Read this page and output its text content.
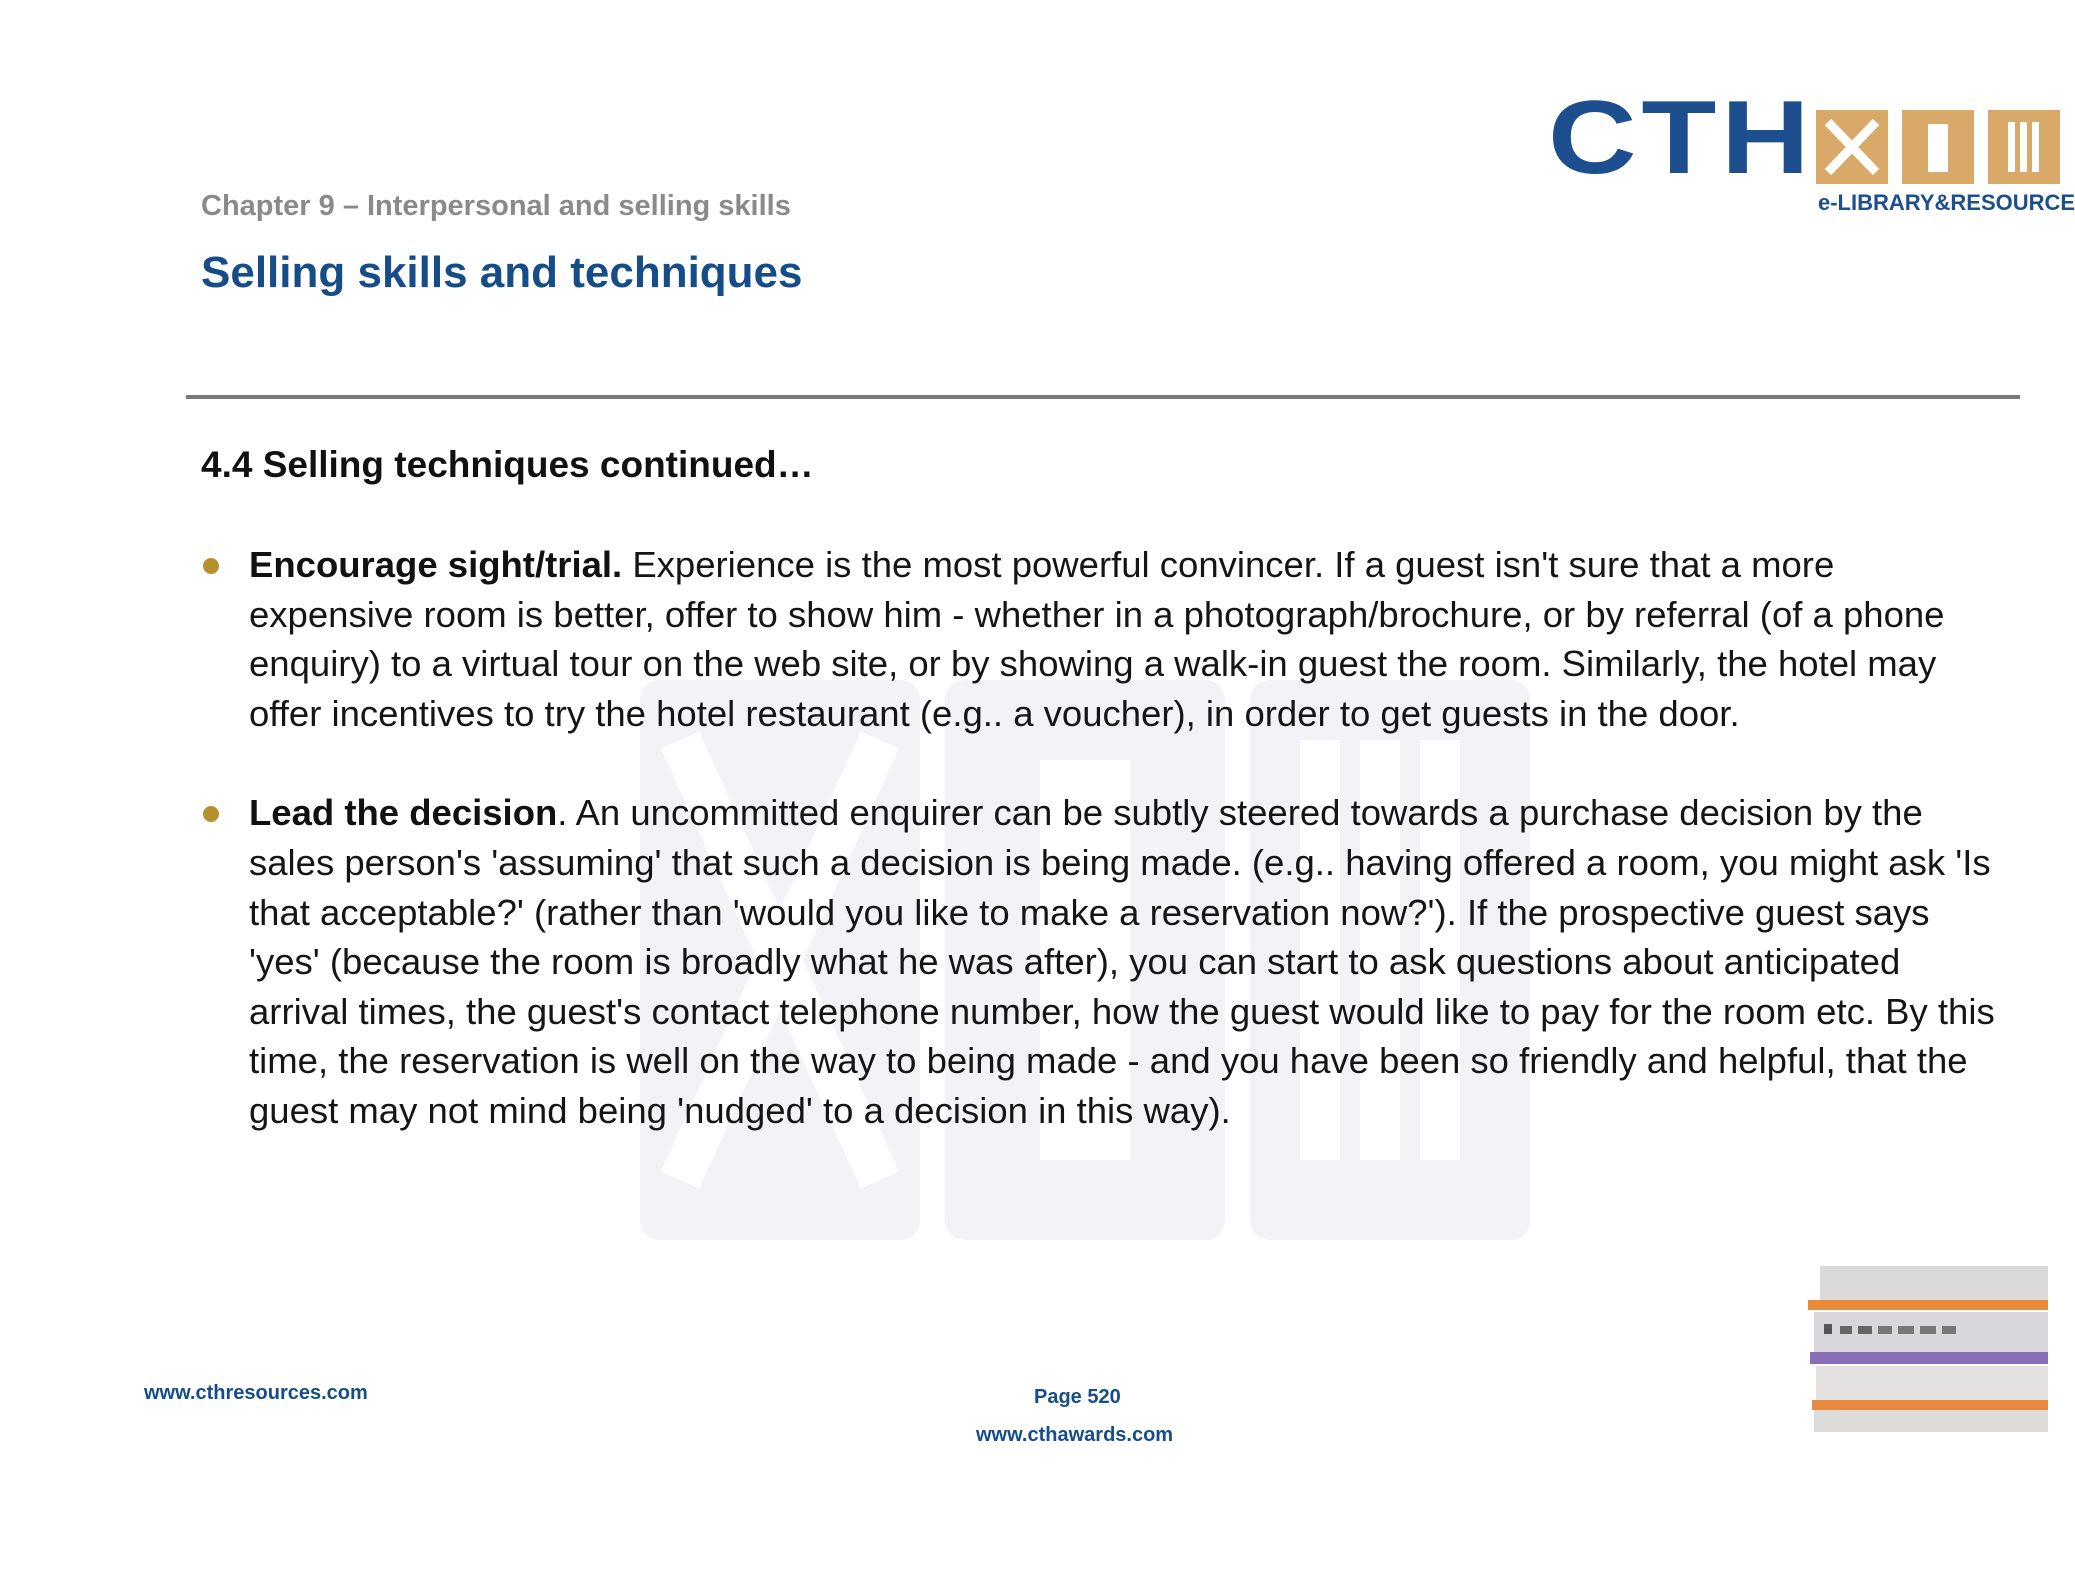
CTH
e-LIBRARY&RESOURCE
Chapter 9 – Interpersonal and selling skills
Selling skills and techniques
4.4 Selling techniques continued…
Encourage sight/trial. Experience is the most powerful convincer. If a guest isn't sure that a more expensive room is better, offer to show him - whether in a photograph/brochure, or by referral (of a phone enquiry) to a virtual tour on the web site, or by showing a walk-in guest the room. Similarly, the hotel may offer incentives to try the hotel restaurant (e.g.. a voucher), in order to get guests in the door.
Lead the decision. An uncommitted enquirer can be subtly steered towards a purchase decision by the sales person's 'assuming' that such a decision is being made. (e.g.. having offered a room, you might ask 'Is that acceptable?' (rather than 'would you like to make a reservation now?'). If the prospective guest says 'yes' (because the room is broadly what he was after), you can start to ask questions about anticipated arrival times, the guest's contact telephone number, how the guest would like to pay for the room etc. By this time, the reservation is well on the way to being made - and you have been so friendly and helpful, that the guest may not mind being 'nudged' to a decision in this way).
www.cthresources.com	Page 520
www.cthawards.com
